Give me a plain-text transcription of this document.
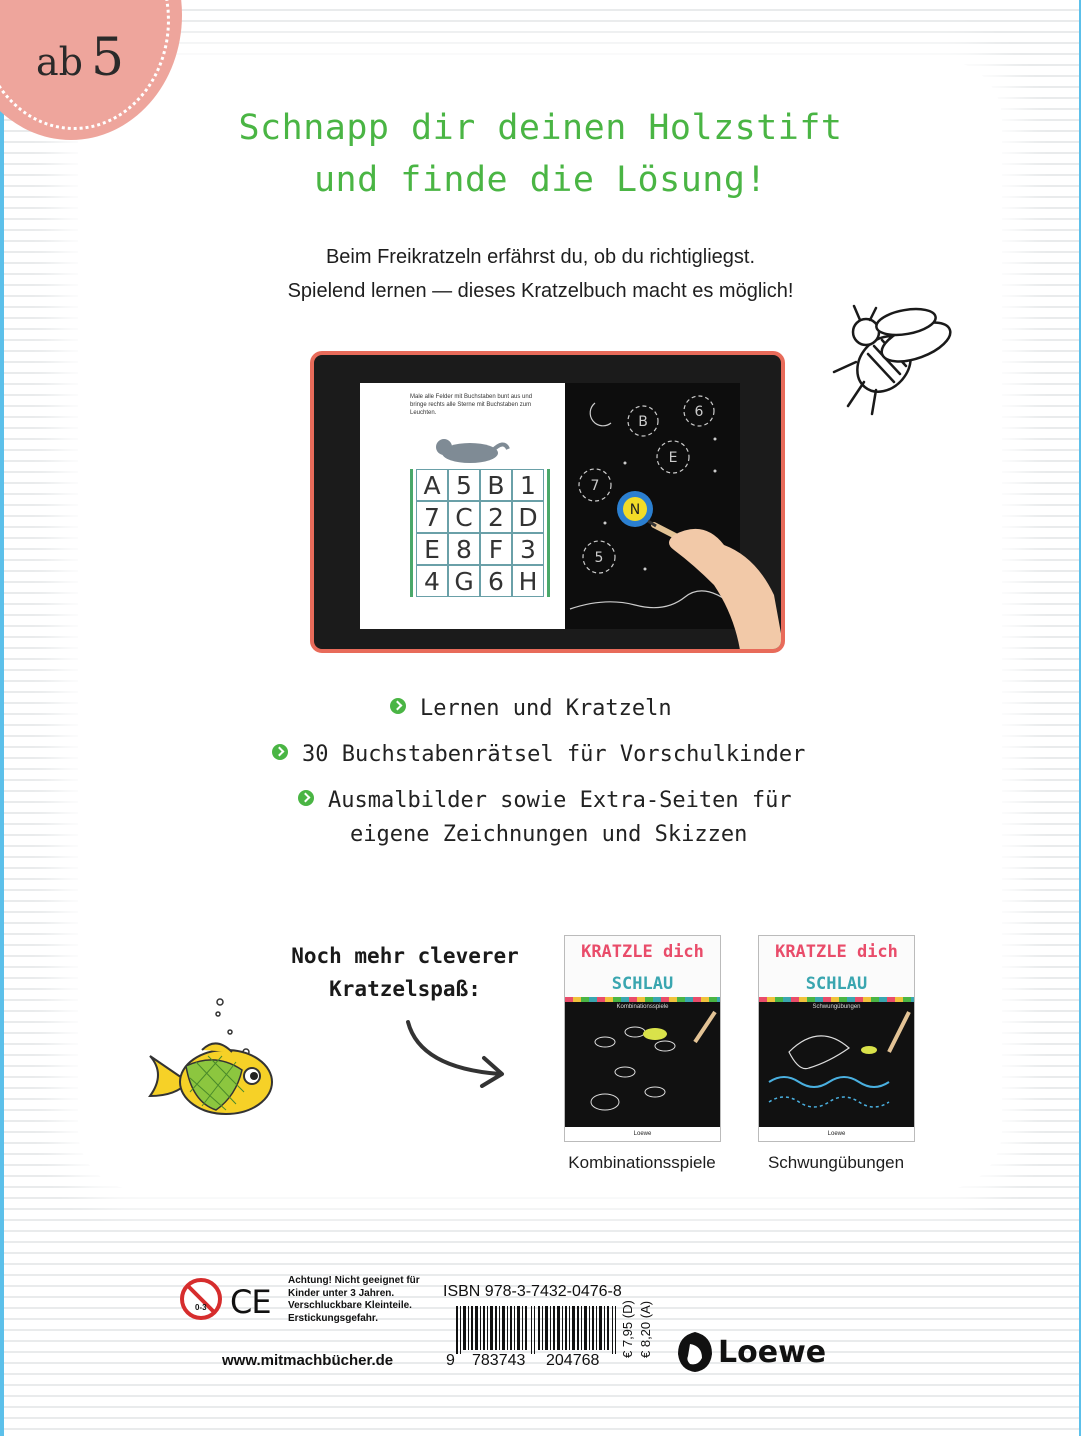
ab 5
Schnapp dir deinen Holzstift
und finde die Lösung!
Beim Freikratzeln erfährst du, ob du richtigliegst.
Spielend lernen — dieses Kratzelbuch macht es möglich!
Male alle Felder mit Buchstaben bunt aus und bringe rechts alle Sterne mit Buchstaben zum Leuchten.
A 5 B 1
7 C 2 D
E 8 F 3
4 G 6 H
B
6
E
7
N
5
Lernen und Kratzeln
30 Buchstabenrätsel für Vorschulkinder
Ausmalbilder sowie Extra-Seiten für
eigene Zeichnungen und Skizzen
Noch mehr cleverer
Kratzelspaß:
KRATZLE dich
SCHLAU
Kombinationsspiele
Loewe
Kombinationsspiele
KRATZLE dich
SCHLAU
Schwungübungen
Loewe
Schwungübungen
0-3 CE
Achtung! Nicht geeignet für Kinder unter 3 Jahren. Verschluckbare Kleinteile. Erstickungsgefahr.
www.mitmachbücher.de
ISBN 978-3-7432-0476-8
9 783743 204768
€ 7,95 (D) € 8,20 (A) Loewe
